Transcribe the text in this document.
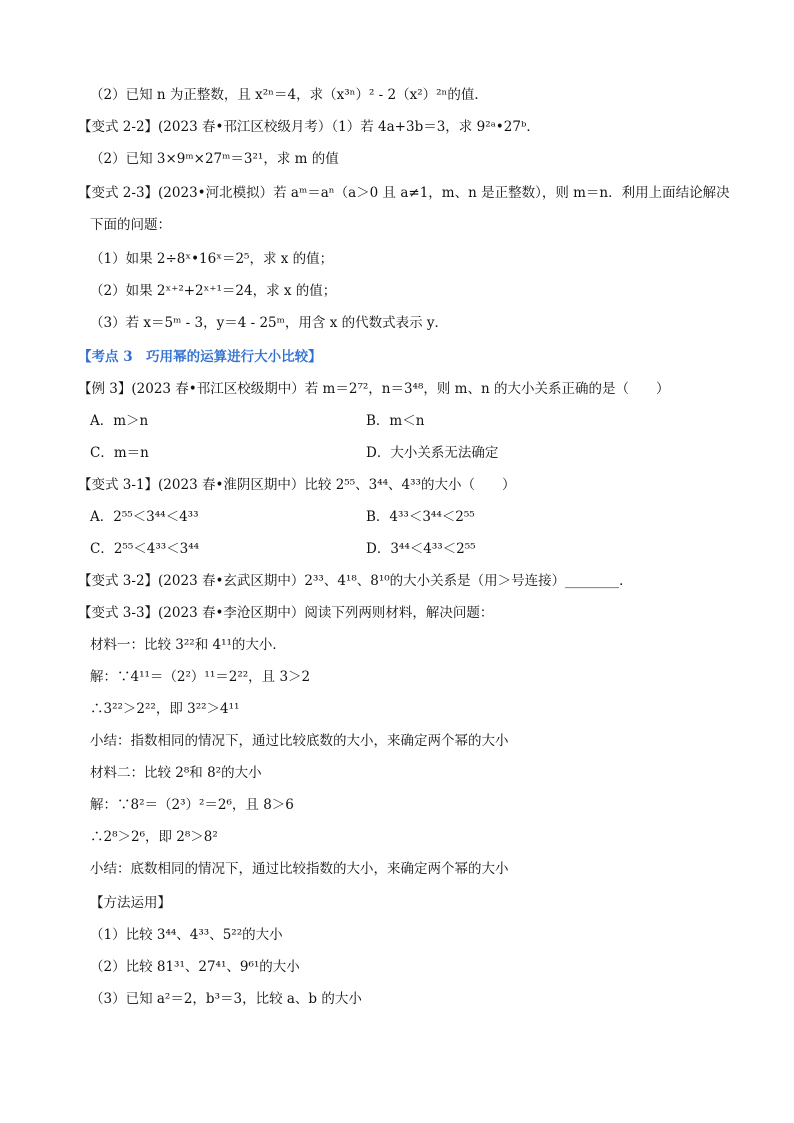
（2）已知 n 为正整数，且 x²ⁿ＝4，求（x³ⁿ）² - 2（x²）²ⁿ的值．
【变式 2-2】(2023 春•邗江区校级月考）（1）若 4a+3b＝3，求 9²ᵃ•27ᵇ．
（2）已知 3×9ᵐ×27ᵐ＝3²¹，求 m 的值
【变式 2-3】(2023•河北模拟）若 aᵐ＝aⁿ（a＞0 且 a≠1，m、n 是正整数），则 m＝n．利用上面结论解决
下面的问题：
（1）如果 2÷8ˣ•16ˣ＝2⁵，求 x 的值；
（2）如果 2ˣ⁺²+2ˣ⁺¹＝24，求 x 的值；
（3）若 x＝5ᵐ - 3，y＝4 - 25ᵐ，用含 x 的代数式表示 y．
【考点 3　巧用幂的运算进行大小比较】
【例 3】(2023 春•邗江区校级期中）若 m＝2⁷²，n＝3⁴⁸，则 m、n 的大小关系正确的是（　　）
A．m＞n	B．m＜n
C．m＝n	D．大小关系无法确定
【变式 3-1】(2023 春•淮阴区期中）比较 2⁵⁵、3⁴⁴、4³³的大小（　　）
A．2⁵⁵＜3⁴⁴＜4³³	B．4³³＜3⁴⁴＜2⁵⁵
C．2⁵⁵＜4³³＜3⁴⁴	D．3⁴⁴＜4³³＜2⁵⁵
【变式 3-2】(2023 春•玄武区期中）2³³、4¹⁸、8¹⁰的大小关系是（用＞号连接）________．
【变式 3-3】(2023 春•李沧区期中）阅读下列两则材料，解决问题：
材料一：比较 3²²和 4¹¹的大小．
解：∵4¹¹＝（2²）¹¹＝2²²，且 3＞2
∴3²²＞2²²，即 3²²＞4¹¹
小结：指数相同的情况下，通过比较底数的大小，来确定两个幂的大小
材料二：比较 2⁸和 8²的大小
解：∵8²＝（2³）²＝2⁶，且 8＞6
∴2⁸＞2⁶，即 2⁸＞8²
小结：底数相同的情况下，通过比较指数的大小，来确定两个幂的大小
【方法运用】
（1）比较 3⁴⁴、4³³、5²²的大小
（2）比较 81³¹、27⁴¹、9⁶¹的大小
（3）已知 a²＝2，b³＝3，比较 a、b 的大小
